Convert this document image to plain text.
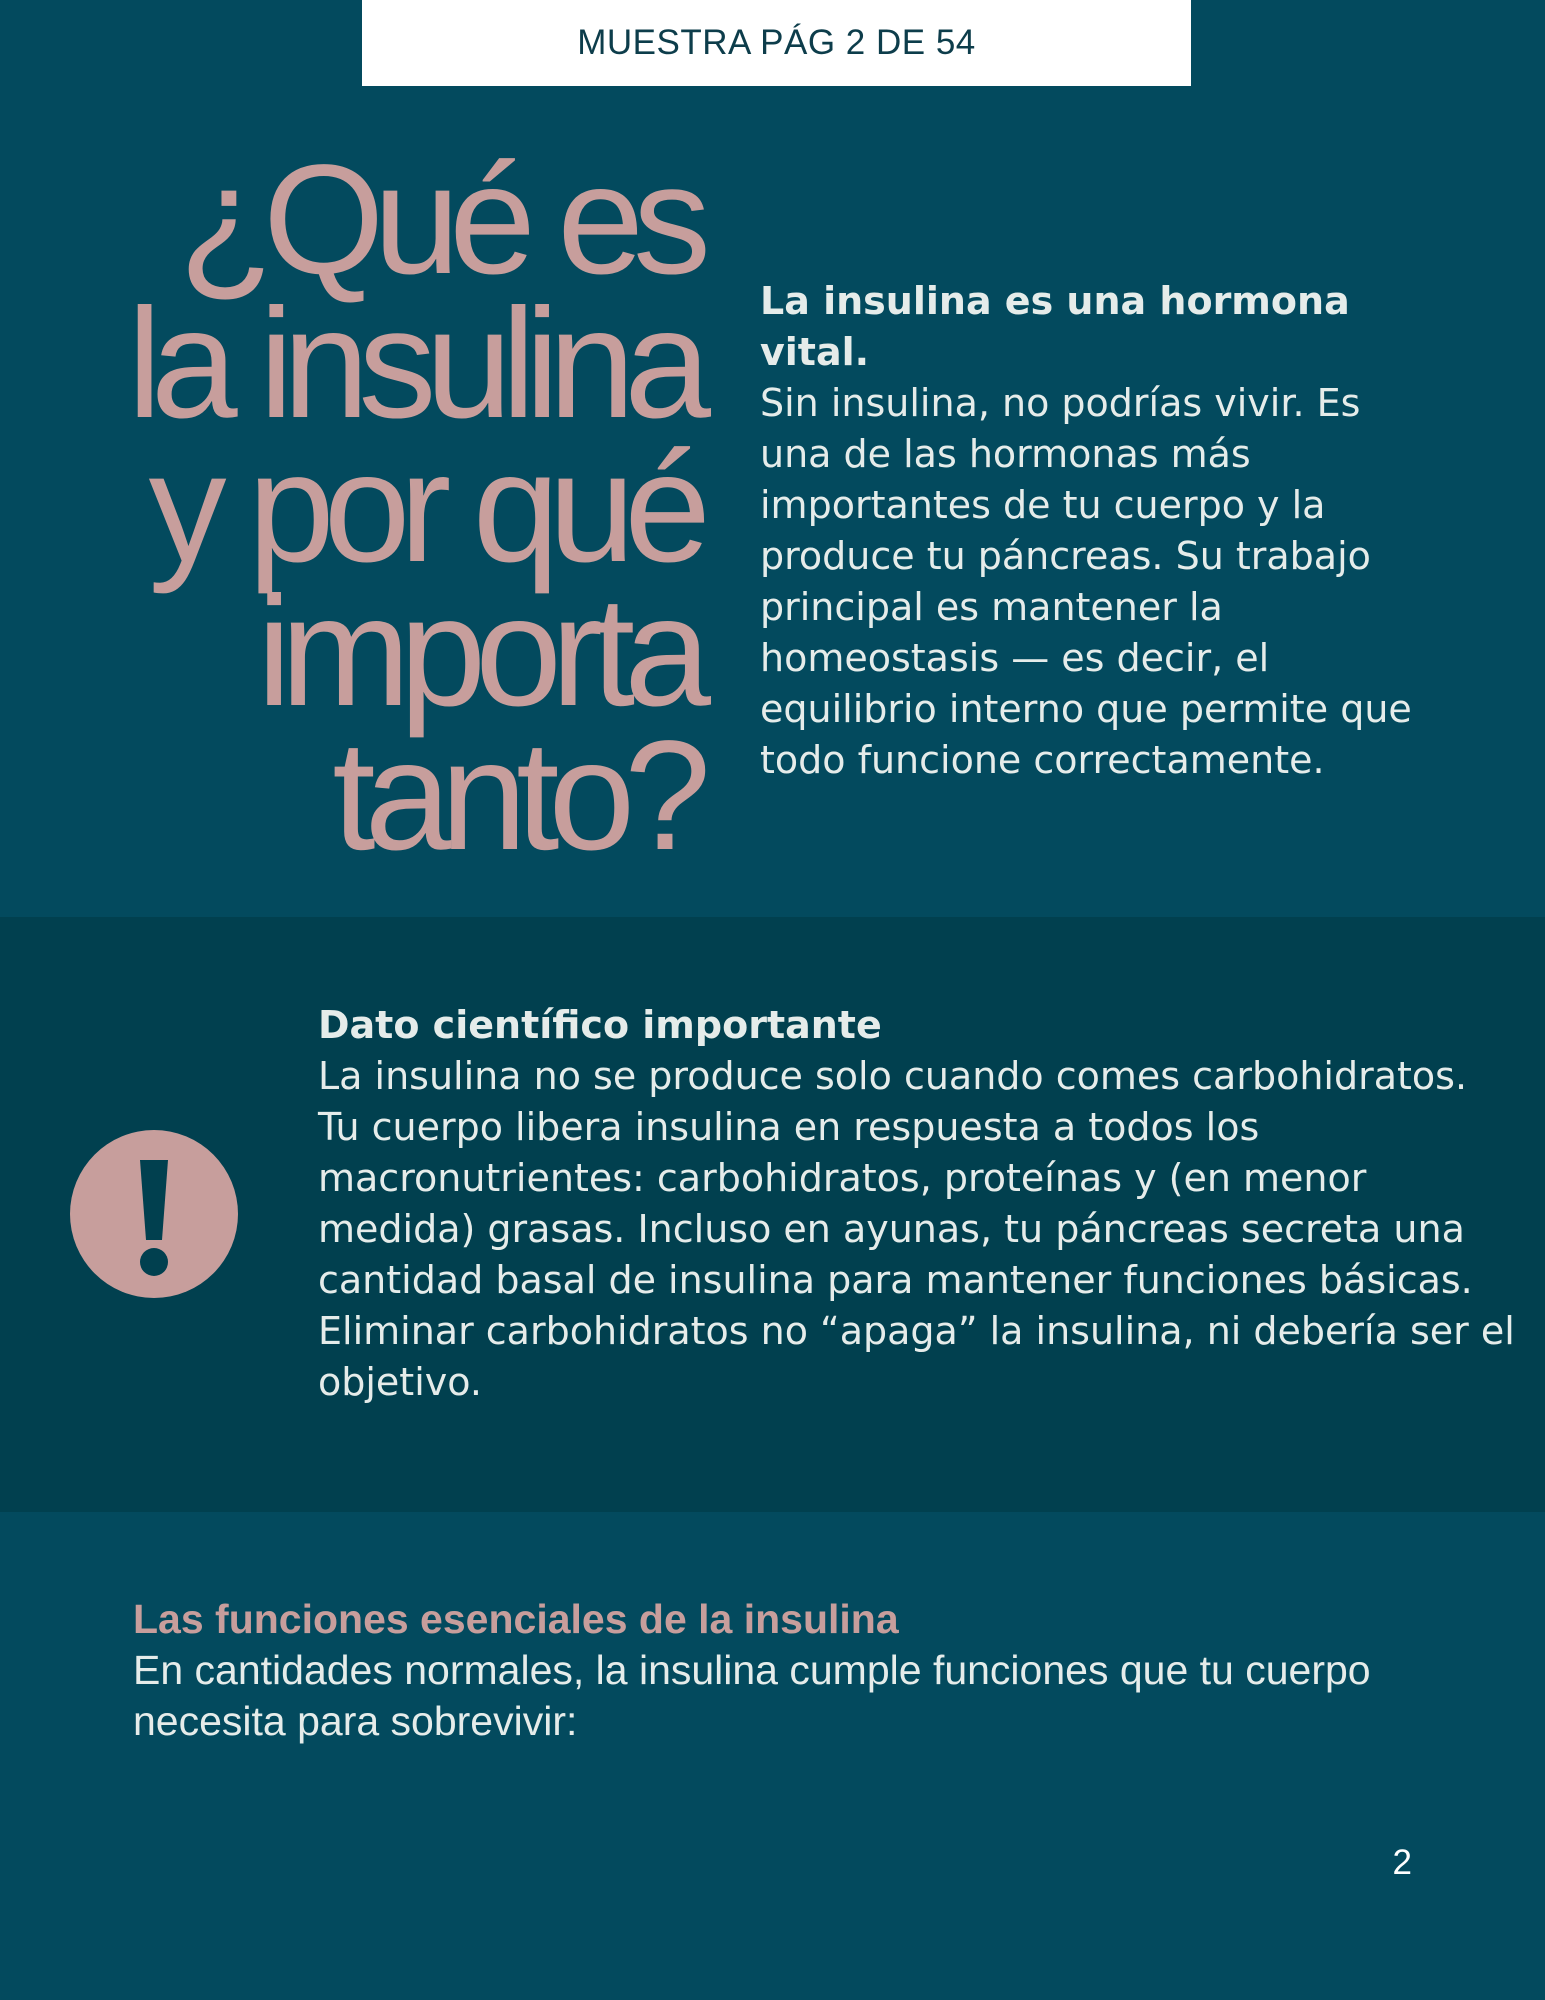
MUESTRA PÁG 2 DE 54
¿Qué es
la insulina
y por qué
importa
tanto?
La insulina es una hormona vital.
Sin insulina, no podrías vivir. Es una de las hormonas más importantes de tu cuerpo y la produce tu páncreas. Su trabajo principal es mantener la homeostasis — es decir, el equilibrio interno que permite que todo funcione correctamente.
Dato científico importante
La insulina no se produce solo cuando comes carbohidratos. Tu cuerpo libera insulina en respuesta a todos los macronutrientes: carbohidratos, proteínas y (en menor medida) grasas. Incluso en ayunas, tu páncreas secreta una cantidad basal de insulina para mantener funciones básicas. Eliminar carbohidratos no “apaga” la insulina, ni debería ser el objetivo.
Las funciones esenciales de la insulina
En cantidades normales, la insulina cumple funciones que tu cuerpo necesita para sobrevivir:
2
